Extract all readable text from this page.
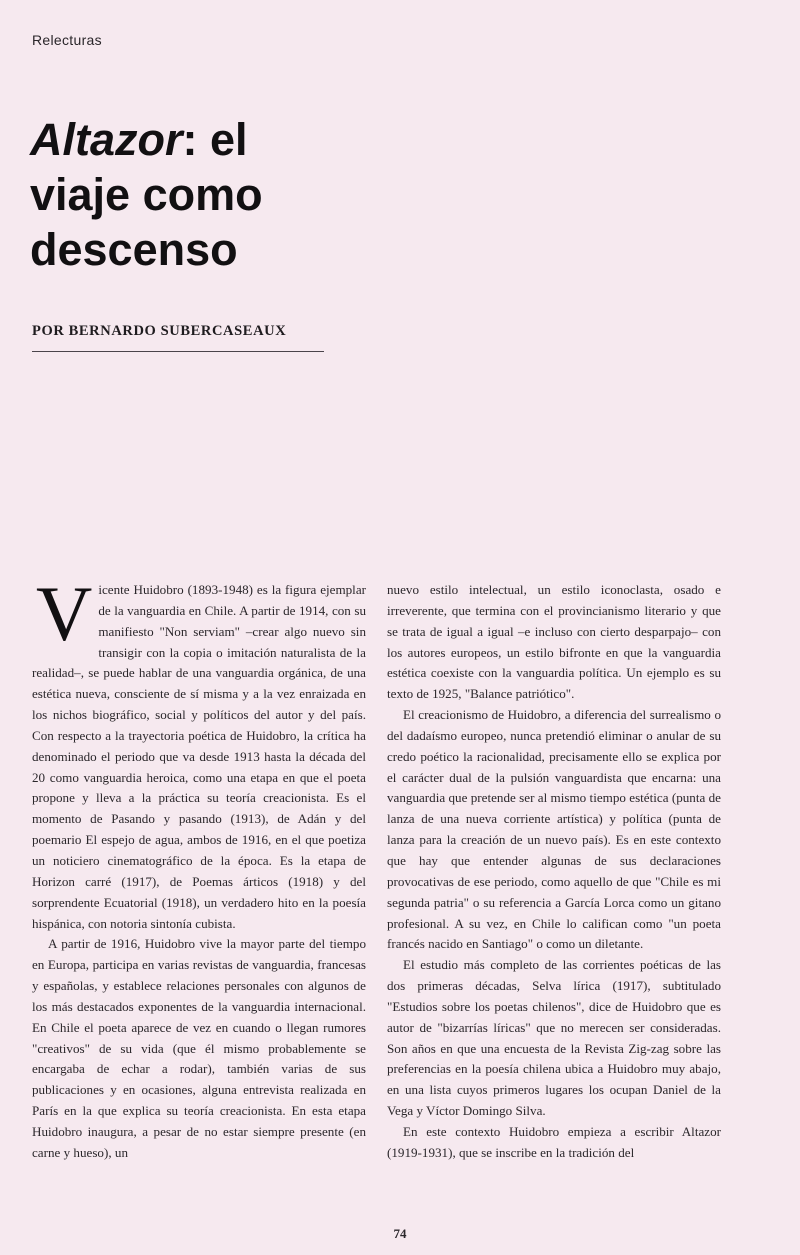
Relecturas
Altazor: el viaje como descenso
POR BERNARDO SUBERCASEAUX

Vicente Huidobro (1893-1948) es la figura ejemplar de la vanguardia en Chile. A partir de 1914, con su manifiesto "Non serviam" –crear algo nuevo sin transigir con la copia o imitación naturalista de la realidad–, se puede hablar de una vanguardia orgánica, de una estética nueva, consciente de sí misma y a la vez enraizada en los nichos biográfico, social y políticos del autor y del país. Con respecto a la trayectoria poética de Huidobro, la crítica ha denominado el periodo que va desde 1913 hasta la década del 20 como vanguardia heroica, como una etapa en que el poeta propone y lleva a la práctica su teoría creacionista. Es el momento de Pasando y pasando (1913), de Adán y del poemario El espejo de agua, ambos de 1916, en el que poetiza un noticiero cinematográfico de la época. Es la etapa de Horizon carré (1917), de Poemas árticos (1918) y del sorprendente Ecuatorial (1918), un verdadero hito en la poesía hispánica, con notoria sintonía cubista.

A partir de 1916, Huidobro vive la mayor parte del tiempo en Europa, participa en varias revistas de vanguardia, francesas y españolas, y establece relaciones personales con algunos de los más destacados exponentes de la vanguardia internacional. En Chile el poeta aparece de vez en cuando o llegan rumores "creativos" de su vida (que él mismo probablemente se encargaba de echar a rodar), también varias de sus publicaciones y en ocasiones, alguna entrevista realizada en París en la que explica su teoría creacionista. En esta etapa Huidobro inaugura, a pesar de no estar siempre presente (en carne y hueso), un

nuevo estilo intelectual, un estilo iconoclasta, osado e irreverente, que termina con el provincianismo literario y que se trata de igual a igual –e incluso con cierto desparpajo– con los autores europeos, un estilo bifronte en que la vanguardia estética coexiste con la vanguardia política. Un ejemplo es su texto de 1925, "Balance patriótico".

El creacionismo de Huidobro, a diferencia del surrealismo o del dadaísmo europeo, nunca pretendió eliminar o anular de su credo poético la racionalidad, precisamente ello se explica por el carácter dual de la pulsión vanguardista que encarna: una vanguardia que pretende ser al mismo tiempo estética (punta de lanza de una nueva corriente artística) y política (punta de lanza para la creación de un nuevo país). Es en este contexto que hay que entender algunas de sus declaraciones provocativas de ese periodo, como aquello de que "Chile es mi segunda patria" o su referencia a García Lorca como un gitano profesional. A su vez, en Chile lo califican como "un poeta francés nacido en Santiago" o como un diletante.

El estudio más completo de las corrientes poéticas de las dos primeras décadas, Selva lírica (1917), subtitulado "Estudios sobre los poetas chilenos", dice de Huidobro que es autor de "bizarrías líricas" que no merecen ser consideradas. Son años en que una encuesta de la Revista Zig-zag sobre las preferencias en la poesía chilena ubica a Huidobro muy abajo, en una lista cuyos primeros lugares los ocupan Daniel de la Vega y Víctor Domingo Silva.

En este contexto Huidobro empieza a escribir Altazor (1919-1931), que se inscribe en la tradición del

74
